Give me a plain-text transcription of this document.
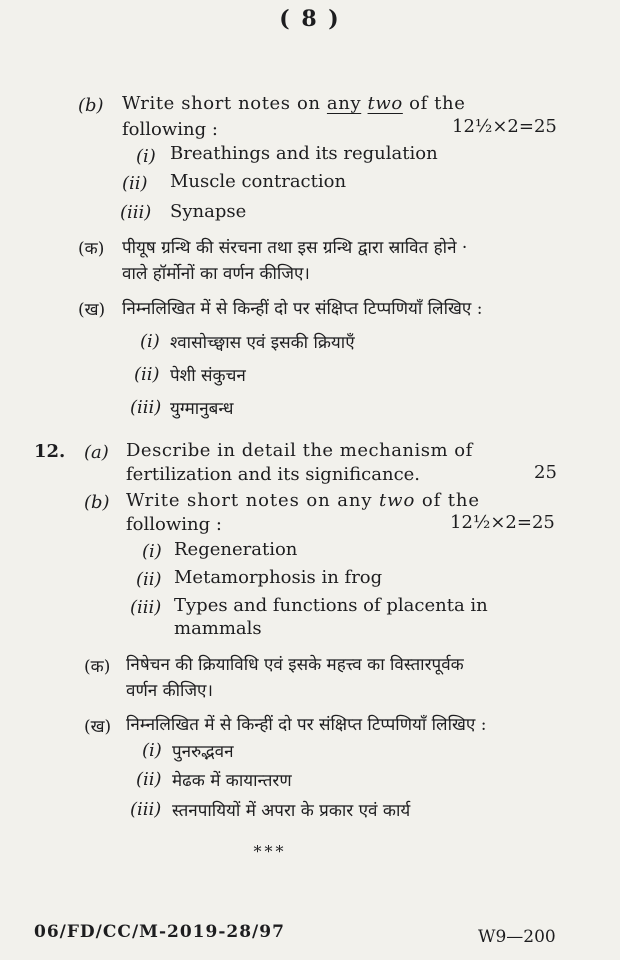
( 8 )
(b) Write short notes on any two of the
following :	12½×2=25
(i) Breathings and its regulation
(ii) Muscle contraction
(iii) Synapse
(क) पीयूष ग्रन्थि की संरचना तथा इस ग्रन्थि द्वारा स्रावित होने ·
वाले हॉर्मोनों का वर्णन कीजिए।
(ख) निम्नलिखित में से किन्हीं दो पर संक्षिप्त टिप्पणियाँ लिखिए :
(i) श्वासोच्छ्वास एवं इसकी क्रियाएँ
(ii) पेशी संकुचन
(iii) युग्मानुबन्ध
12. (a) Describe in detail the mechanism of
fertilization and its significance.	25
(b) Write short notes on any two of the
following :	12½×2=25
(i) Regeneration
(ii) Metamorphosis in frog
(iii) Types and functions of placenta in
mammals
(क) निषेचन की क्रियाविधि एवं इसके महत्त्व का विस्तारपूर्वक
वर्णन कीजिए।
(ख) निम्नलिखित में से किन्हीं दो पर संक्षिप्त टिप्पणियाँ लिखिए :
(i) पुनरुद्भवन
(ii) मेढक में कायान्तरण
(iii) स्तनपायियों में अपरा के प्रकार एवं कार्य
***
06/FD/CC/M-2019-28/97	W9—200
